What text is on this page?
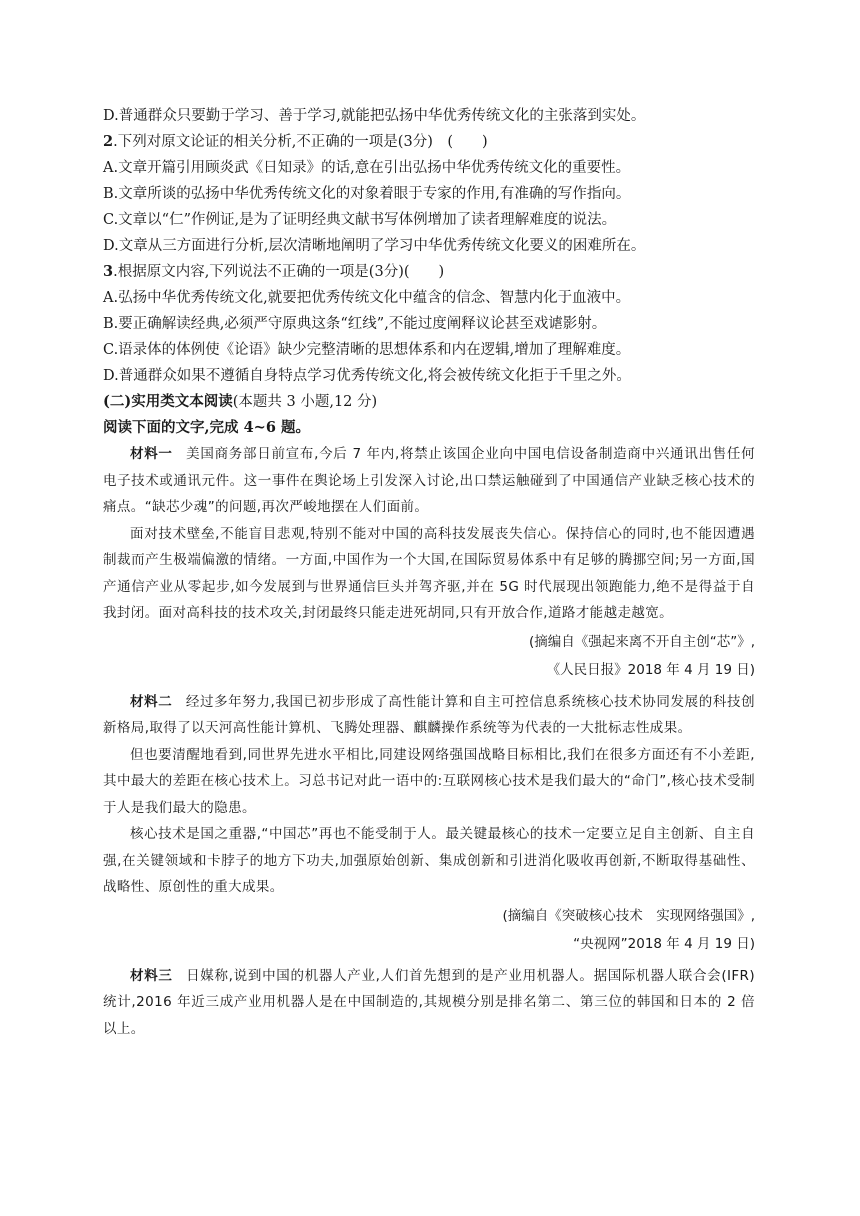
D.普通群众只要勤于学习、善于学习,就能把弘扬中华优秀传统文化的主张落到实处。

2.下列对原文论证的相关分析,不正确的一项是(3分)　(　　)

A.文章开篇引用顾炎武《日知录》的话,意在引出弘扬中华优秀传统文化的重要性。

B.文章所谈的弘扬中华优秀传统文化的对象着眼于专家的作用,有准确的写作指向。

C.文章以“仁”作例证,是为了证明经典文献书写体例增加了读者理解难度的说法。

D.文章从三方面进行分析,层次清晰地阐明了学习中华优秀传统文化要义的困难所在。

3.根据原文内容,下列说法不正确的一项是(3分)(　　)

A.弘扬中华优秀传统文化,就要把优秀传统文化中蕴含的信念、智慧内化于血液中。

B.要正确解读经典,必须严守原典这条“红线”,不能过度阐释议论甚至戏谑影射。

C.语录体的体例使《论语》缺少完整清晰的思想体系和内在逻辑,增加了理解难度。

D.普通群众如果不遵循自身特点学习优秀传统文化,将会被传统文化拒于千里之外。

(二)实用类文本阅读(本题共 3 小题,12 分)

阅读下面的文字,完成 4~6 题。

材料一 美国商务部日前宣布,今后 7 年内,将禁止该国企业向中国电信设备制造商中兴通讯出售任何电子技术或通讯元件。这一事件在舆论场上引发深入讨论,出口禁运触碰到了中国通信产业缺乏核心技术的痛点。“缺芯少魂”的问题,再次严峻地摆在人们面前。

面对技术壁垒,不能盲目悲观,特别不能对中国的高科技发展丧失信心。保持信心的同时,也不能因遭遇制裁而产生极端偏激的情绪。一方面,中国作为一个大国,在国际贸易体系中有足够的腾挪空间;另一方面,国产通信产业从零起步,如今发展到与世界通信巨头并驾齐驱,并在 5G 时代展现出领跑能力,绝不是得益于自我封闭。面对高科技的技术攻关,封闭最终只能走进死胡同,只有开放合作,道路才能越走越宽。

(摘编自《强起来离不开自主创“芯”》,

《人民日报》2018 年 4 月 19 日)

材料二 经过多年努力,我国已初步形成了高性能计算和自主可控信息系统核心技术协同发展的科技创新格局,取得了以天河高性能计算机、飞腾处理器、麒麟操作系统等为代表的一大批标志性成果。

但也要清醒地看到,同世界先进水平相比,同建设网络强国战略目标相比,我们在很多方面还有不小差距,其中最大的差距在核心技术上。习总书记对此一语中的:互联网核心技术是我们最大的“命门”,核心技术受制于人是我们最大的隐患。

核心技术是国之重器,“中国芯”再也不能受制于人。最关键最核心的技术一定要立足自主创新、自主自强,在关键领域和卡脖子的地方下功夫,加强原始创新、集成创新和引进消化吸收再创新,不断取得基础性、战略性、原创性的重大成果。

(摘编自《突破核心技术　实现网络强国》,

“央视网”2018 年 4 月 19 日)

材料三 日媒称,说到中国的机器人产业,人们首先想到的是产业用机器人。据国际机器人联合会(IFR)统计,2016 年近三成产业用机器人是在中国制造的,其规模分别是排名第二、第三位的韩国和日本的 2 倍以上。
